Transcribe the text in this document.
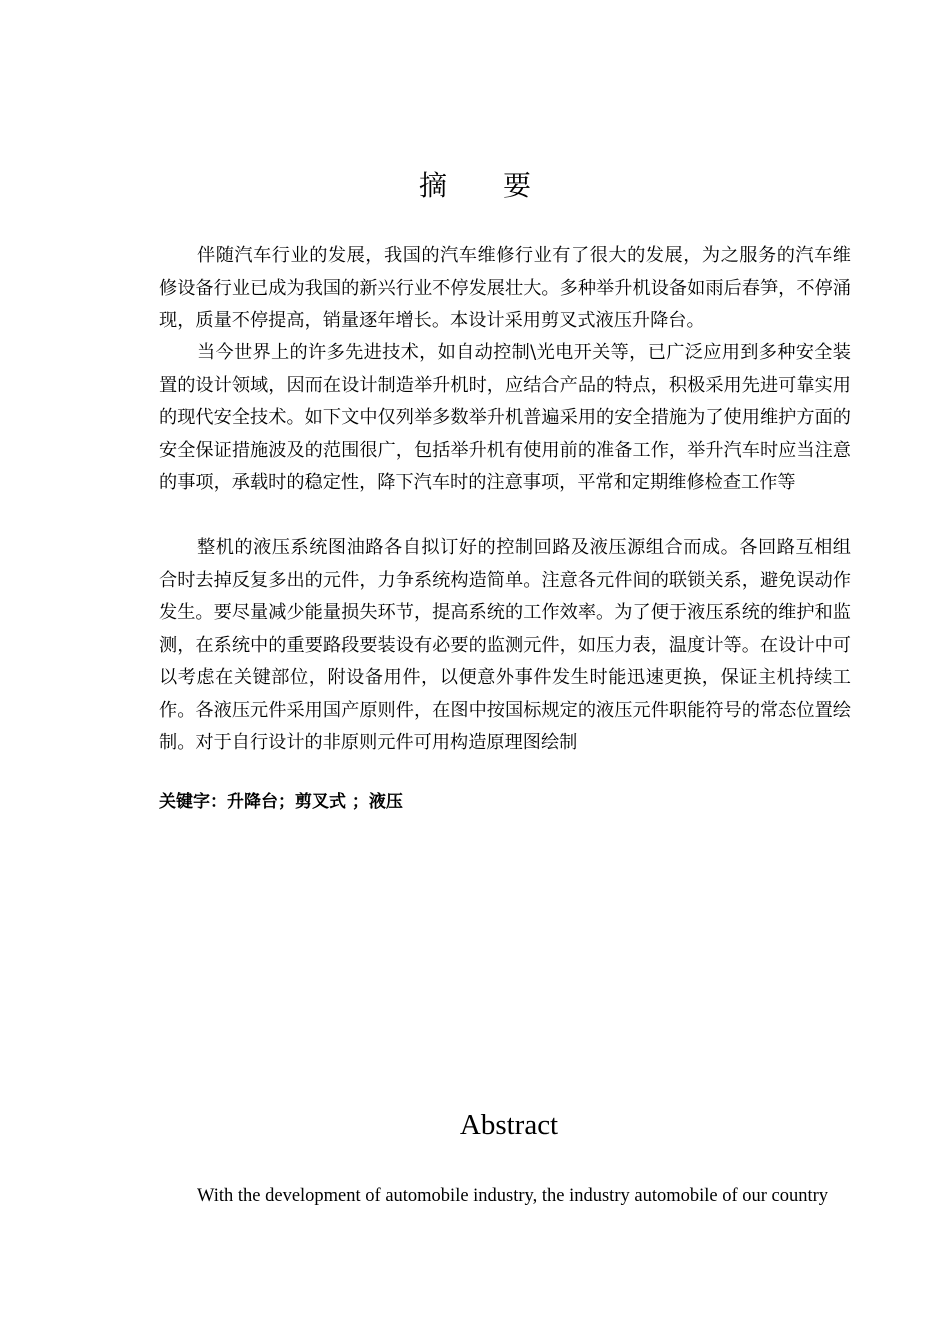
摘 要

伴随汽车行业的发展，我国的汽车维修行业有了很大的发展，为之服务的汽车维修设备行业已成为我国的新兴行业不停发展壮大。多种举升机设备如雨后春笋，不停涌现，质量不停提高，销量逐年增长。本设计采用剪叉式液压升降台。

当今世界上的许多先进技术，如自动控制\光电开关等，已广泛应用到多种安全装置的设计领域，因而在设计制造举升机时，应结合产品的特点，积极采用先进可靠实用的现代安全技术。如下文中仅列举多数举升机普遍采用的安全措施为了使用维护方面的安全保证措施波及的范围很广，包括举升机有使用前的准备工作，举升汽车时应当注意的事项，承载时的稳定性，降下汽车时的注意事项，平常和定期维修检查工作等

整机的液压系统图油路各自拟订好的控制回路及液压源组合而成。各回路互相组合时去掉反复多出的元件，力争系统构造简单。注意各元件间的联锁关系，避免误动作发生。要尽量减少能量损失环节，提高系统的工作效率。为了便于液压系统的维护和监测，在系统中的重要路段要装设有必要的监测元件，如压力表，温度计等。在设计中可以考虑在关键部位，附设备用件，以便意外事件发生时能迅速更换，保证主机持续工作。各液压元件采用国产原则件，在图中按国标规定的液压元件职能符号的常态位置绘制。对于自行设计的非原则元件可用构造原理图绘制

关键字：升降台；剪叉式 ；液压
Abstract
With the development of automobile industry, the industry automobile of our country
